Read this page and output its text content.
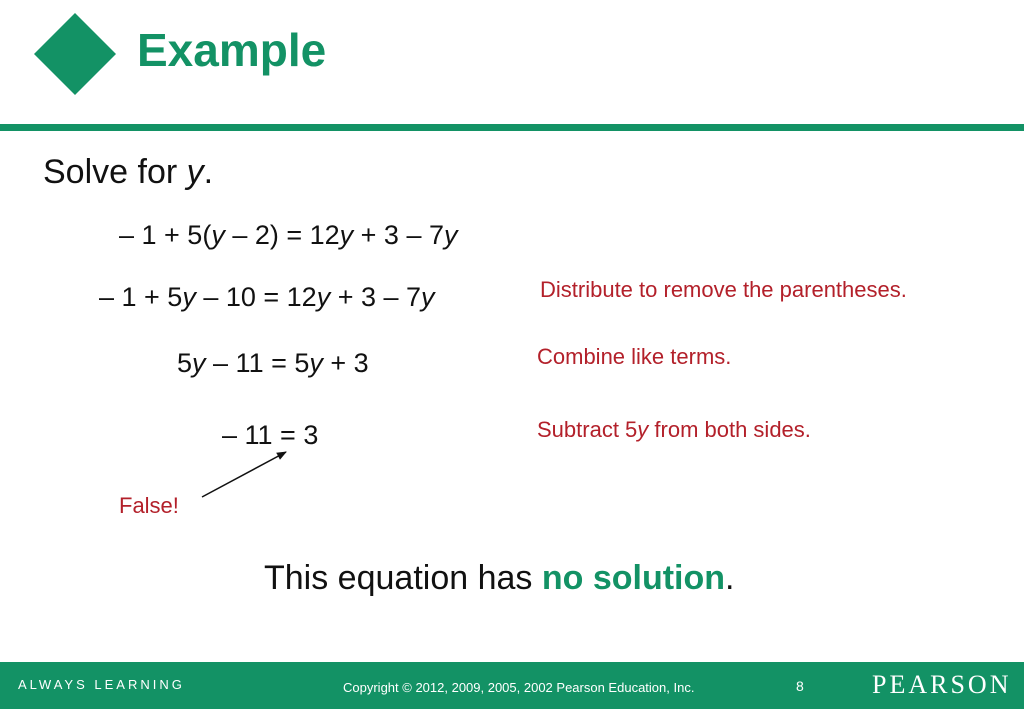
Example
Solve for y.
– 1 + 5(y – 2) = 12y + 3 – 7y
– 1 + 5y – 10 = 12y + 3 – 7y
5y – 11 = 5y + 3
– 11 = 3
Distribute to remove the parentheses.
Combine like terms.
Subtract 5y from both sides.
False!
This equation has no solution.
ALWAYS LEARNING	Copyright © 2012, 2009, 2005, 2002 Pearson Education, Inc.	8	PEARSON
